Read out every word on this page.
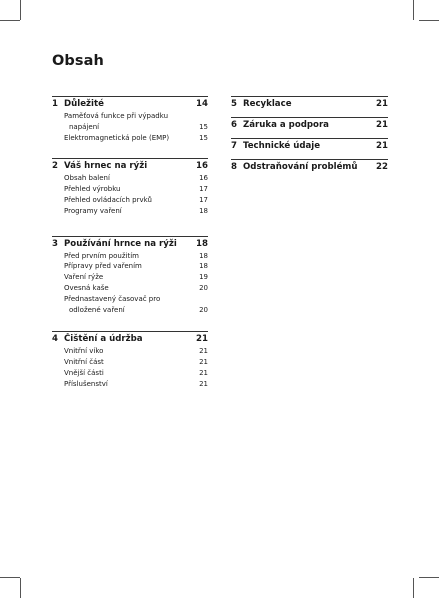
Obsah
1 Důležité	14
Paměťová funkce při výpadku
napájení	15
Elektromagnetická pole (EMP)	15
2 Váš hrnec na rýži	16
Obsah balení	16
Přehled výrobku	17
Přehled ovládacích prvků	17
Programy vaření	18
3 Používání hrnce na rýži	18
Před prvním použitím	18
Přípravy před vařením	18
Vaření rýže	19
Ovesná kaše	20
Přednastavený časovač pro
odložené vaření	20
4 Čištění a údržba	21
Vnitřní víko	21
Vnitřní část	21
Vnější části	21
Příslušenství	21
5 Recyklace	21
6 Záruka a podpora	21
7 Technické údaje	21
8 Odstraňování problémů	22
